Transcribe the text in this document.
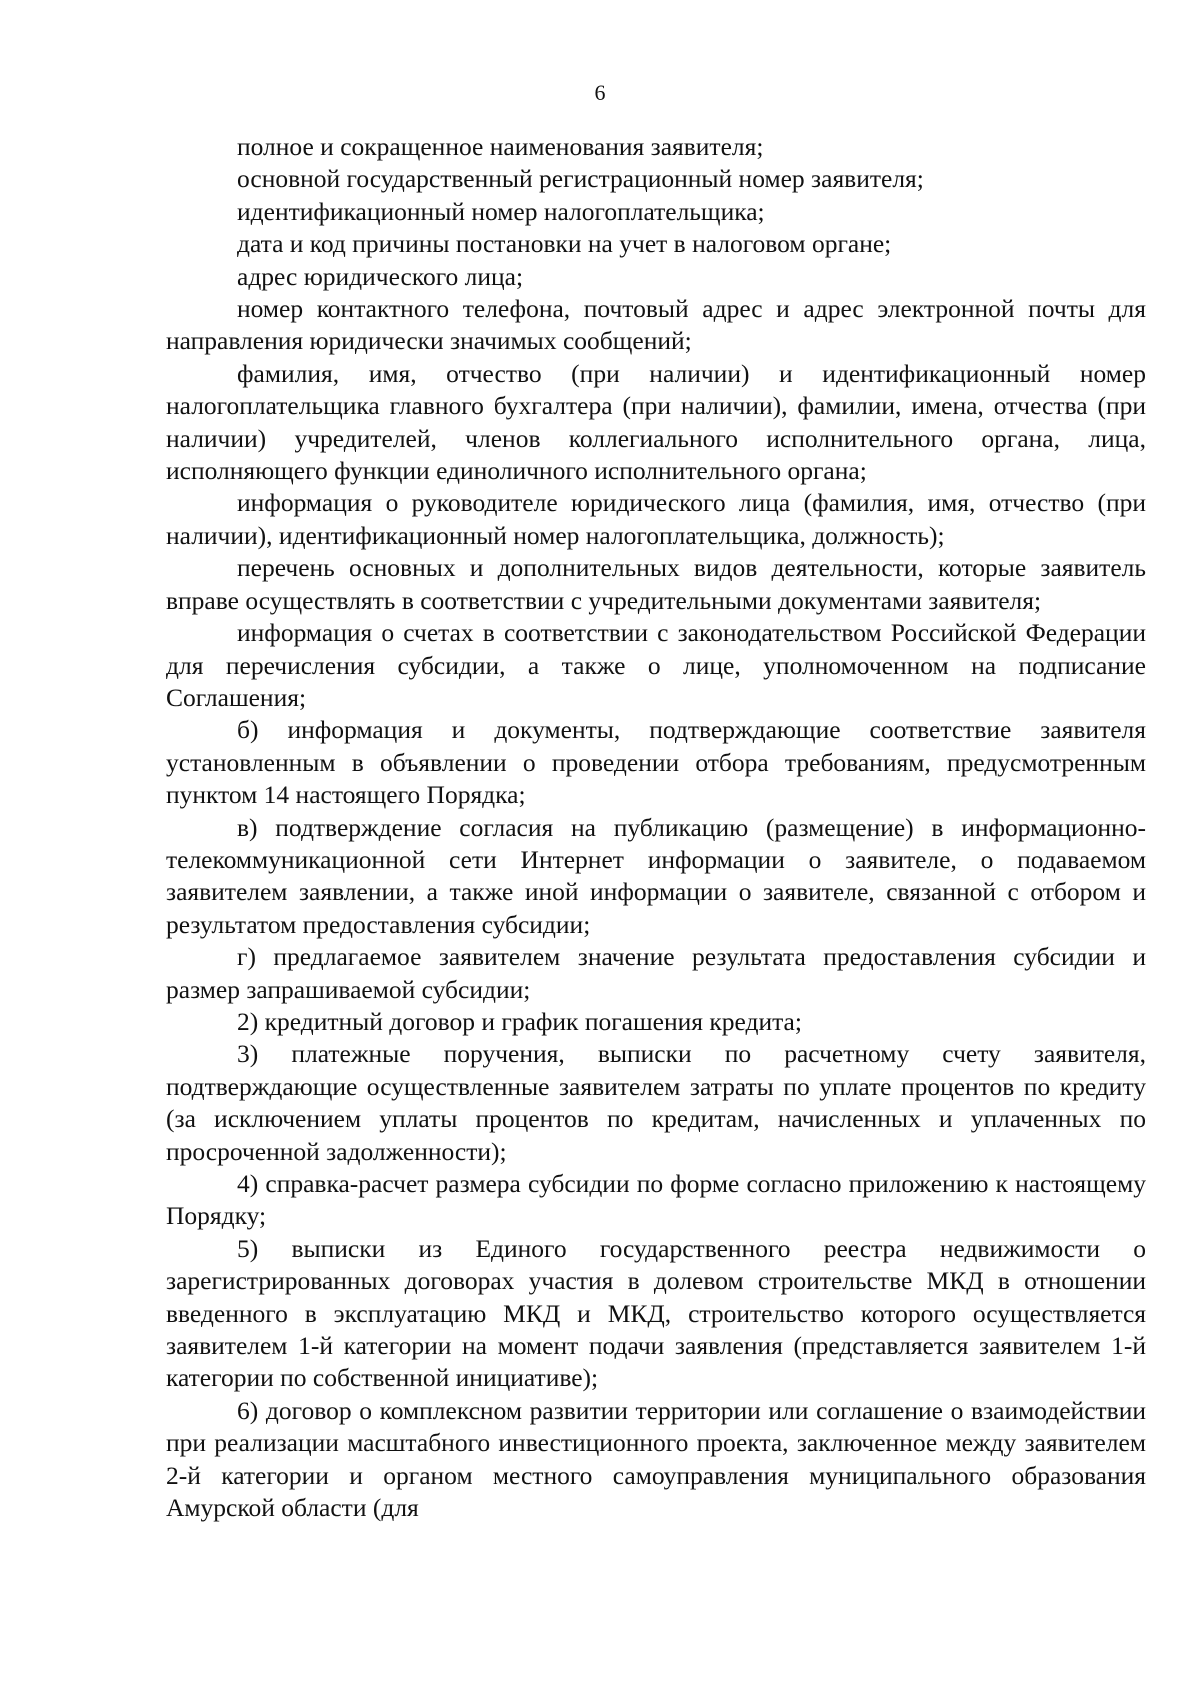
6

полное и сокращенное наименования заявителя;

основной государственный регистрационный номер заявителя;

идентификационный номер налогоплательщика;

дата и код причины постановки на учет в налоговом органе;

адрес юридического лица;

номер контактного телефона, почтовый адрес и адрес электронной почты для направления юридически значимых сообщений;

фамилия, имя, отчество (при наличии) и идентификационный номер налогоплательщика главного бухгалтера (при наличии), фамилии, имена, отчества (при наличии) учредителей, членов коллегиального исполнительного органа, лица, исполняющего функции единоличного исполнительного органа;

информация о руководителе юридического лица (фамилия, имя, отчество (при наличии), идентификационный номер налогоплательщика, должность);

перечень основных и дополнительных видов деятельности, которые заявитель вправе осуществлять в соответствии с учредительными документами заявителя;

информация о счетах в соответствии с законодательством Российской Федерации для перечисления субсидии, а также о лице, уполномоченном на подписание Соглашения;

б) информация и документы, подтверждающие соответствие заявителя установленным в объявлении о проведении отбора требованиям, предусмотренным пунктом 14 настоящего Порядка;

в) подтверждение согласия на публикацию (размещение) в информационно-телекоммуникационной сети Интернет информации о заявителе, о подаваемом заявителем заявлении, а также иной информации о заявителе, связанной с отбором и результатом предоставления субсидии;

г) предлагаемое заявителем значение результата предоставления субсидии и размер запрашиваемой субсидии;

2) кредитный договор и график погашения кредита;

3) платежные поручения, выписки по расчетному счету заявителя, подтверждающие осуществленные заявителем затраты по уплате процентов по кредиту (за исключением уплаты процентов по кредитам, начисленных и уплаченных по просроченной задолженности);

4) справка-расчет размера субсидии по форме согласно приложению к настоящему Порядку;

5) выписки из Единого государственного реестра недвижимости о зарегистрированных договорах участия в долевом строительстве МКД в отношении введенного в эксплуатацию МКД и МКД, строительство которого осуществляется заявителем 1-й категории на момент подачи заявления (представляется заявителем 1-й категории по собственной инициативе);

6) договор о комплексном развитии территории или соглашение о взаимодействии при реализации масштабного инвестиционного проекта, заключенное между заявителем 2-й категории и органом местного самоуправления муниципального образования Амурской области (для
